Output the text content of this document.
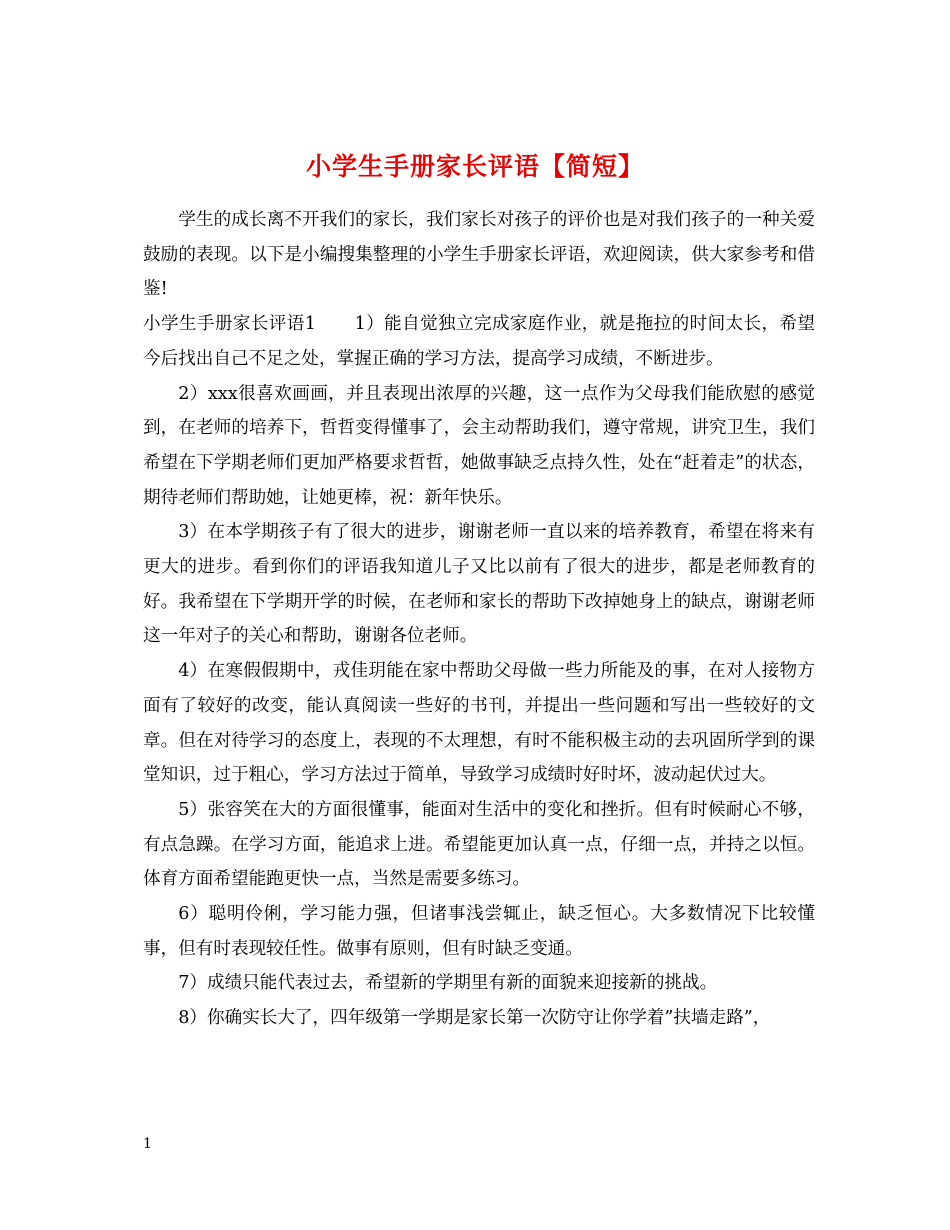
小学生手册家长评语【简短】

学生的成长离不开我们的家长，我们家长对孩子的评价也是对我们孩子的一种关爱鼓励的表现。以下是小编搜集整理的小学生手册家长评语，欢迎阅读，供大家参考和借鉴!

小学生手册家长评语1 1）能自觉独立完成家庭作业，就是拖拉的时间太长，希望今后找出自己不足之处，掌握正确的学习方法，提高学习成绩，不断进步。

2）xxx很喜欢画画，并且表现出浓厚的兴趣，这一点作为父母我们能欣慰的感觉到，在老师的培养下，哲哲变得懂事了，会主动帮助我们，遵守常规，讲究卫生，我们希望在下学期老师们更加严格要求哲哲，她做事缺乏点持久性，处在“赶着走”的状态，期待老师们帮助她，让她更棒，祝：新年快乐。

3）在本学期孩子有了很大的进步，谢谢老师一直以来的培养教育，希望在将来有更大的进步。看到你们的评语我知道儿子又比以前有了很大的进步，都是老师教育的好。我希望在下学期开学的时候，在老师和家长的帮助下改掉她身上的缺点，谢谢老师这一年对子的关心和帮助，谢谢各位老师。

4）在寒假假期中，戎佳玥能在家中帮助父母做一些力所能及的事，在对人接物方面有了较好的改变，能认真阅读一些好的书刊，并提出一些问题和写出一些较好的文章。但在对待学习的态度上，表现的不太理想，有时不能积极主动的去巩固所学到的课堂知识，过于粗心，学习方法过于简单，导致学习成绩时好时坏，波动起伏过大。

5）张容笑在大的方面很懂事，能面对生活中的变化和挫折。但有时候耐心不够，有点急躁。在学习方面，能追求上进。希望能更加认真一点，仔细一点，并持之以恒。体育方面希望能跑更快一点，当然是需要多练习。

6）聪明伶俐，学习能力强，但诸事浅尝辄止，缺乏恒心。大多数情况下比较懂事，但有时表现较任性。做事有原则，但有时缺乏变通。

7）成绩只能代表过去，希望新的学期里有新的面貌来迎接新的挑战。

8）你确实长大了，四年级第一学期是家长第一次防守让你学着”扶墙走路”，

1
